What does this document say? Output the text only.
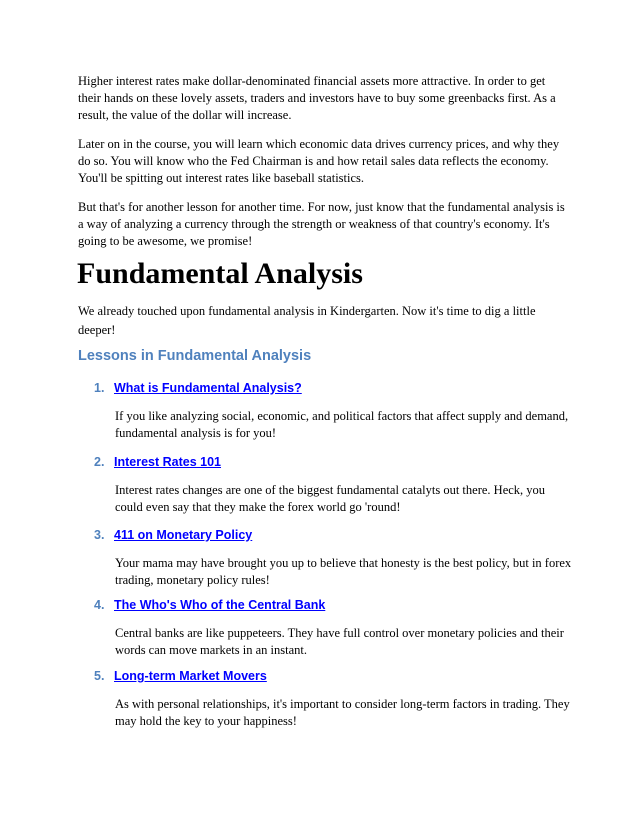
Higher interest rates make dollar-denominated financial assets more attractive. In order to get their hands on these lovely assets, traders and investors have to buy some greenbacks first. As a result, the value of the dollar will increase.

Later on in the course, you will learn which economic data drives currency prices, and why they do so. You will know who the Fed Chairman is and how retail sales data reflects the economy. You'll be spitting out interest rates like baseball statistics.

But that's for another lesson for another time. For now, just know that the fundamental analysis is a way of analyzing a currency through the strength or weakness of that country's economy. It's going to be awesome, we promise!

Fundamental Analysis

We already touched upon fundamental analysis in Kindergarten. Now it's time to dig a little deeper!

Lessons in Fundamental Analysis
1. What is Fundamental Analysis?

If you like analyzing social, economic, and political factors that affect supply and demand, fundamental analysis is for you!

2. Interest Rates 101

Interest rates changes are one of the biggest fundamental catalyts out there. Heck, you could even say that they make the forex world go 'round!

3. 411 on Monetary Policy

Your mama may have brought you up to believe that honesty is the best policy, but in forex trading, monetary policy rules!

4. The Who's Who of the Central Bank

Central banks are like puppeteers. They have full control over monetary policies and their words can move markets in an instant.

5. Long-term Market Movers

As with personal relationships, it's important to consider long-term factors in trading. They may hold the key to your happiness!
